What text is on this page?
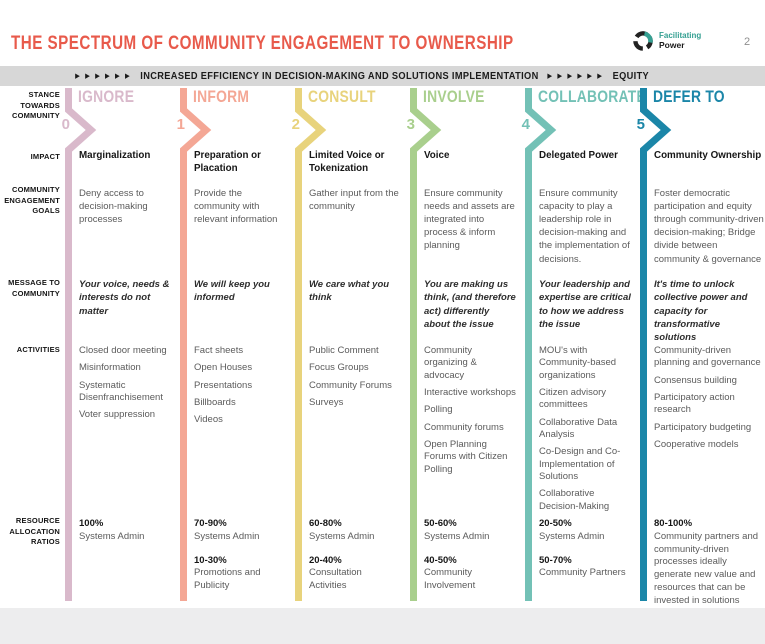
THE SPECTRUM OF COMMUNITY ENGAGEMENT TO OWNERSHIP	Facilitating
Power	2
▶ ▶ ▶ ▶ ▶ ▶ INCREASED EFFICIENCY IN DECISION-MAKING AND SOLUTIONS IMPLEMENTATION ▶ ▶ ▶ ▶ ▶ ▶ EQUITY
STANCE TOWARDS COMMUNITY
IMPACT
COMMUNITY ENGAGEMENT GOALS
MESSAGE TO COMMUNITY
ACTIVITIES
RESOURCE ALLOCATION RATIOS
IGNORE
0
Marginalization
Deny access to decision-making processes
Your voice, needs & interests do not matter
Closed door meeting
Misinformation
Systematic Disenfranchisement
Voter suppression
100%
Systems Admin
INFORM
1
Preparation or Placation
Provide the community with relevant information
We will keep you informed
Fact sheets
Open Houses
Presentations
Billboards
Videos
70-90%
Systems Admin
10-30%
Promotions and Publicity
CONSULT
2
Limited Voice or Tokenization
Gather input from the community
We care what you think
Public Comment
Focus Groups
Community Forums
Surveys
60-80%
Systems Admin
20-40%
Consultation Activities
INVOLVE
3
Voice
Ensure community needs and assets are integrated into process & inform planning
You are making us think, (and therefore act) differently about the issue
Community organizing & advocacy
Interactive workshops
Polling
Community forums
Open Planning Forums with Citizen Polling
50-60%
Systems Admin
40-50%
Community Involvement
COLLABORATE
4
Delegated Power
Ensure community capacity to play a leadership role in decision-making and the implementation of decisions.
Your leadership and expertise are critical to how we address the issue
MOU's with Community-based organizations
Citizen advisory committees
Collaborative Data Analysis
Co-Design and Co-Implementation of Solutions
Collaborative Decision-Making
20-50%
Systems Admin
50-70%
Community Partners
DEFER TO
5
Community Ownership
Foster democratic participation and equity through community-driven decision-making; Bridge divide between community & governance
It's time to unlock collective power and capacity for transformative solutions
Community-driven planning and governance
Consensus building
Participatory action research
Participatory budgeting
Cooperative models
80-100%
Community partners and community-driven processes ideally generate new value and resources that can be invested in solutions
